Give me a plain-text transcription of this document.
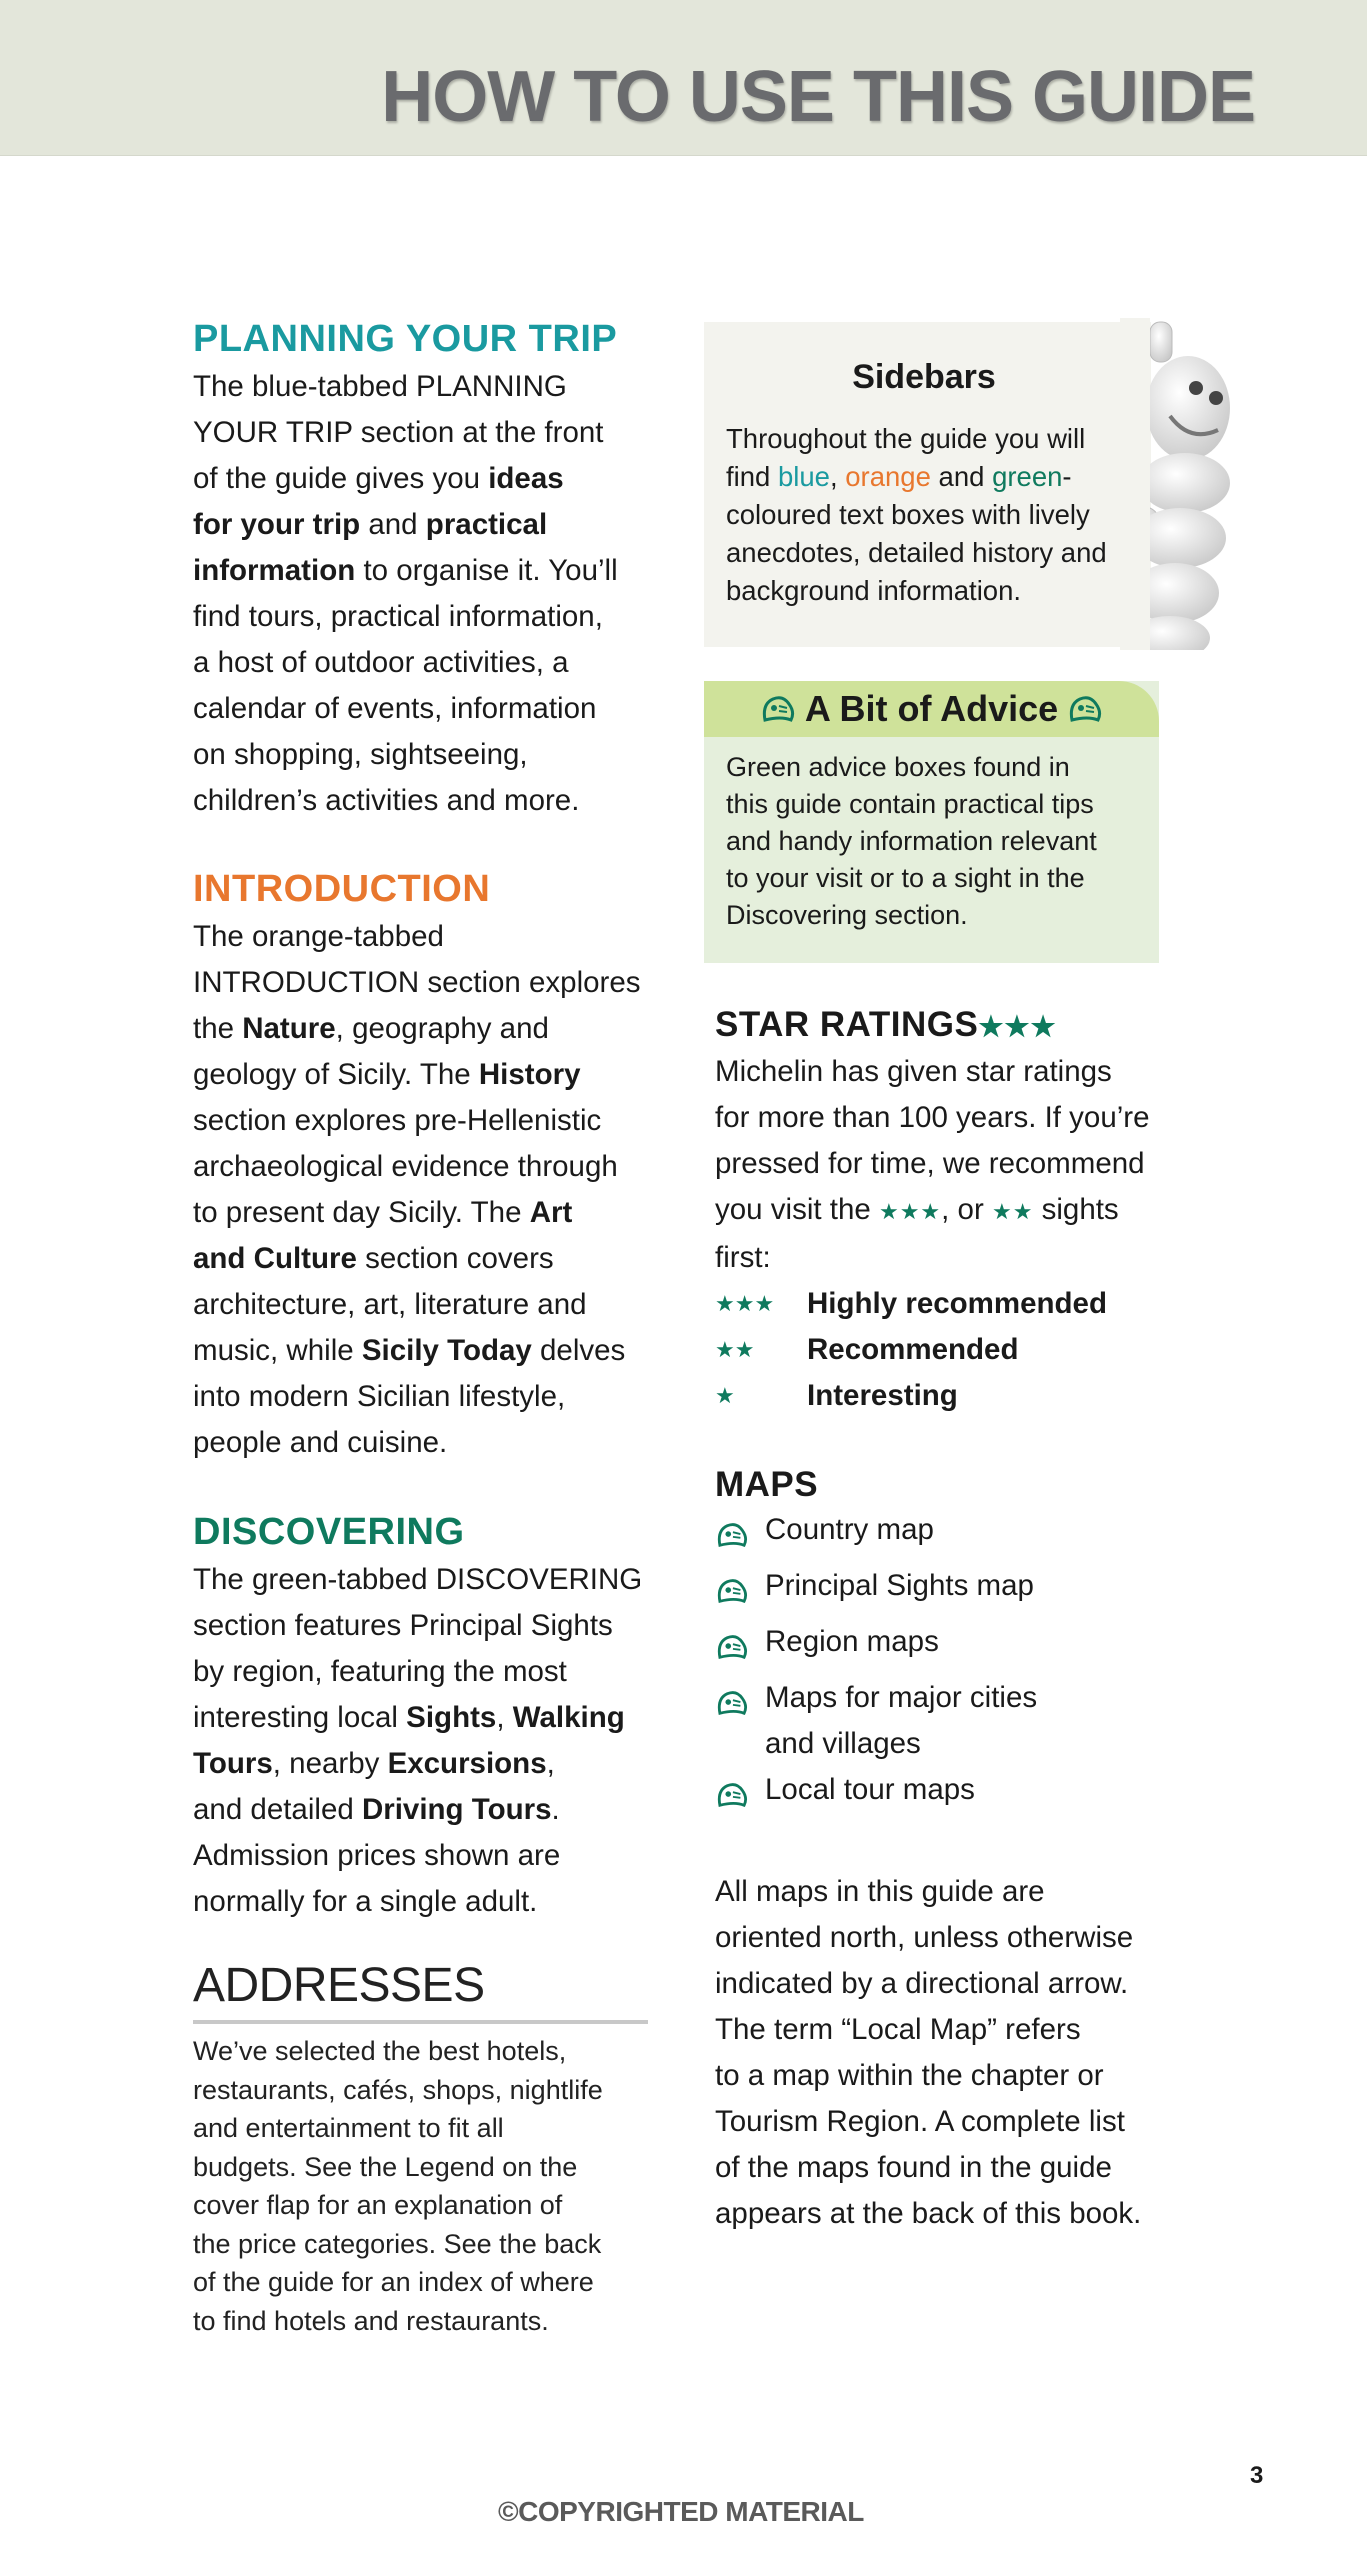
HOW TO USE THIS GUIDE
PLANNING YOUR TRIP
The blue-tabbed PLANNING
YOUR TRIP section at the front
of the guide gives you ideas
for your trip and practical
information to organise it. You’ll
find tours, practical information,
a host of outdoor activities, a
calendar of events, information
on shopping, sightseeing,
children’s activities and more.
INTRODUCTION
The orange-tabbed
INTRODUCTION section explores
the Nature, geography and
geology of Sicily. The History
section explores pre-Hellenistic
archaeological evidence through
to present day Sicily. The Art
and Culture section covers
architecture, art, literature and
music, while Sicily Today delves
into modern Sicilian lifestyle,
people and cuisine.
DISCOVERING
The green-tabbed DISCOVERING
section features Principal Sights
by region, featuring the most
interesting local Sights, Walking
Tours, nearby Excursions,
and detailed Driving Tours.
Admission prices shown are
normally for a single adult.
ADDRESSES
We’ve selected the best hotels,
restaurants, cafés, shops, nightlife
and entertainment to fit all
budgets. See the Legend on the
cover flap for an explanation of
the price categories. See the back
of the guide for an index of where
to find hotels and restaurants.
Sidebars
Throughout the guide you will
find blue, orange and green-
coloured text boxes with lively
anecdotes, detailed history and
background information.
A Bit of Advice
Green advice boxes found in
this guide contain practical tips
and handy information relevant
to your visit or to a sight in the
Discovering section.
STAR RATINGS★★★
Michelin has given star ratings
for more than 100 years. If you’re
pressed for time, we recommend
you visit the ★★★, or ★★ sights
first:
★★★	Highly recommended
★★	Recommended
★	Interesting
MAPS
Country map
Principal Sights map
Region maps
Maps for major cities
and villages
Local tour maps
All maps in this guide are
oriented north, unless otherwise
indicated by a directional arrow.
The term “Local Map” refers
to a map within the chapter or
Tourism Region. A complete list
of the maps found in the guide
appears at the back of this book.
3
©COPYRIGHTED MATERIAL
